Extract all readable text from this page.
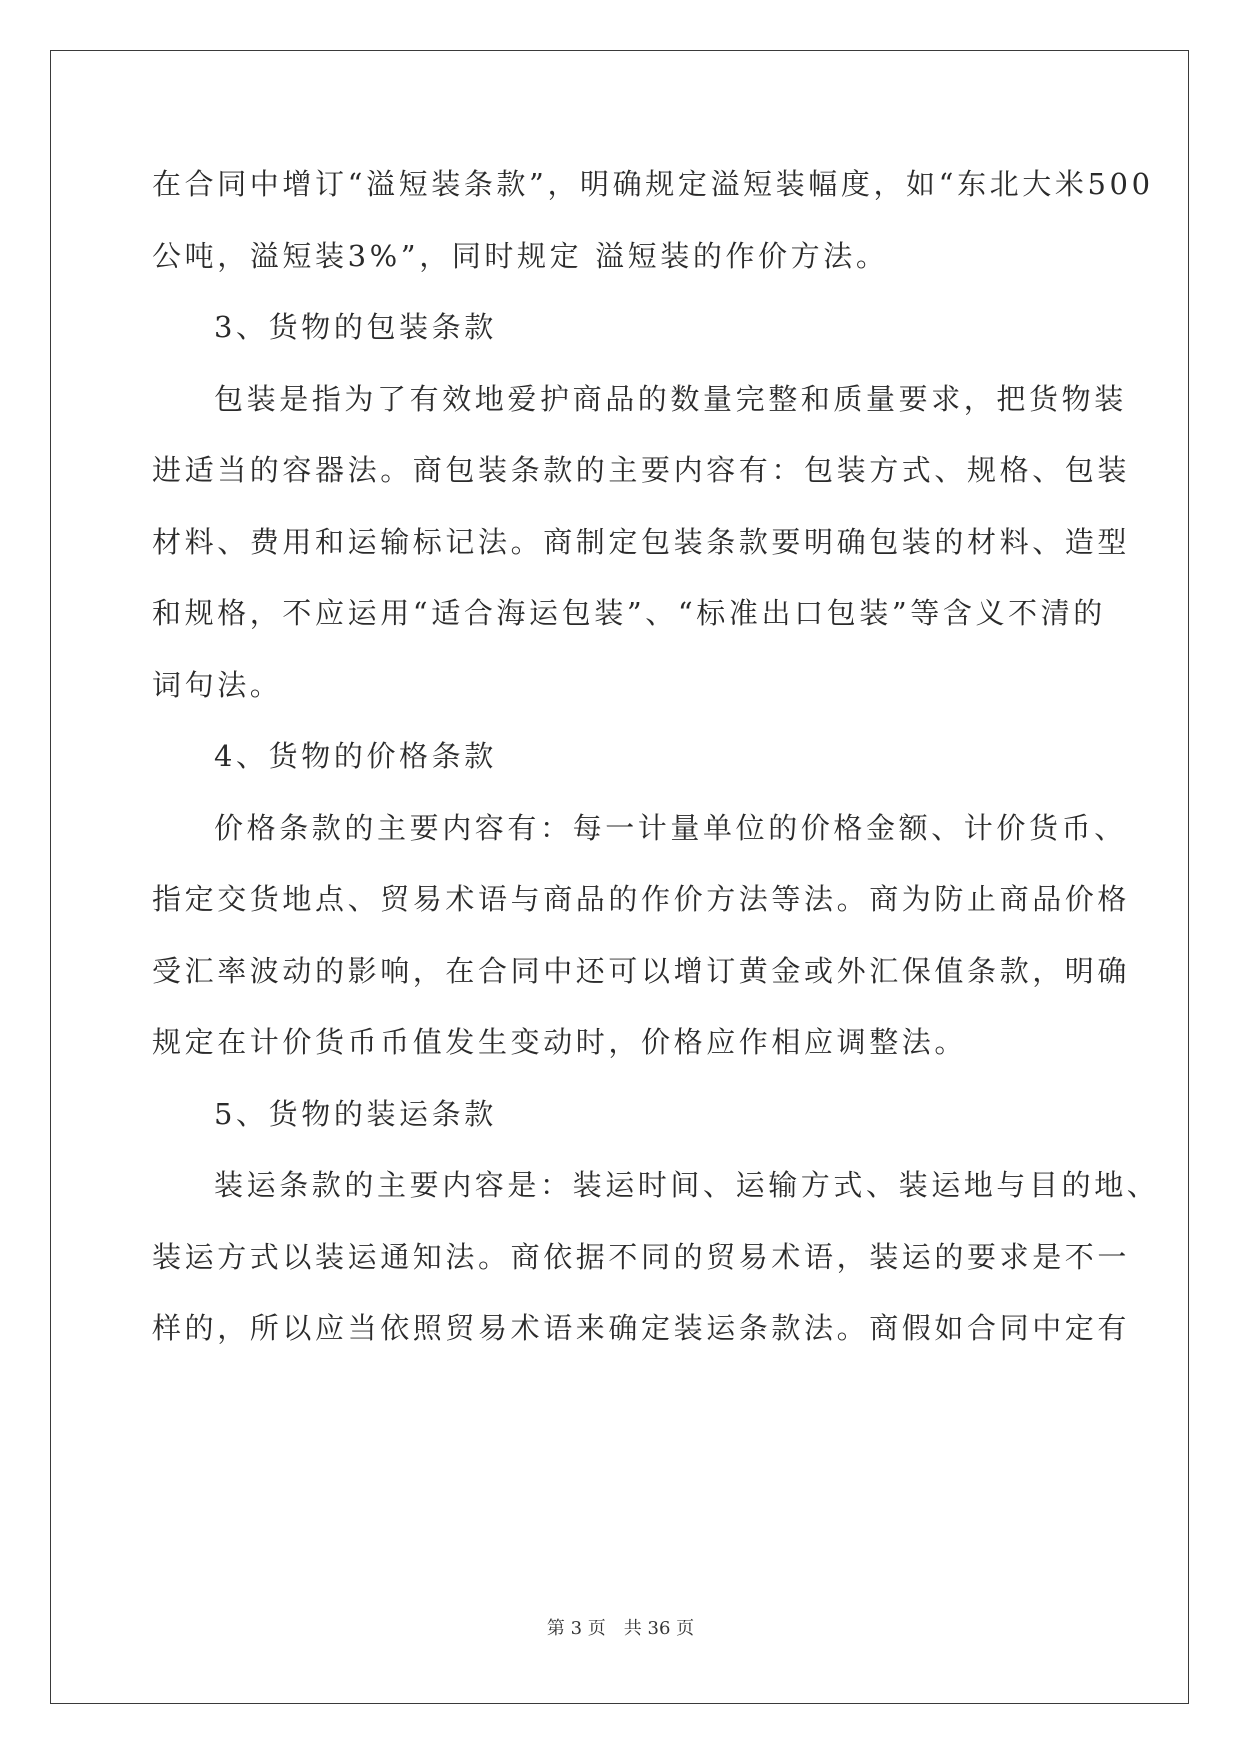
在合同中增订“溢短装条款”，明确规定溢短装幅度，如“东北大米500
公吨，溢短装3%”，同时规定 溢短装的作价方法。
3、货物的包装条款
包装是指为了有效地爱护商品的数量完整和质量要求，把货物装
进适当的容器法。商包装条款的主要内容有：包装方式、规格、包装
材料、费用和运输标记法。商制定包装条款要明确包装的材料、造型
和规格，不应运用“适合海运包装”、“标准出口包装”等含义不清的
词句法。
4、货物的价格条款
价格条款的主要内容有：每一计量单位的价格金额、计价货币、
指定交货地点、贸易术语与商品的作价方法等法。商为防止商品价格
受汇率波动的影响，在合同中还可以增订黄金或外汇保值条款，明确
规定在计价货币币值发生变动时，价格应作相应调整法。
5、货物的装运条款
装运条款的主要内容是：装运时间、运输方式、装运地与目的地、
装运方式以装运通知法。商依据不同的贸易术语，装运的要求是不一
样的，所以应当依照贸易术语来确定装运条款法。商假如合同中定有
第 3 页　共 36 页
